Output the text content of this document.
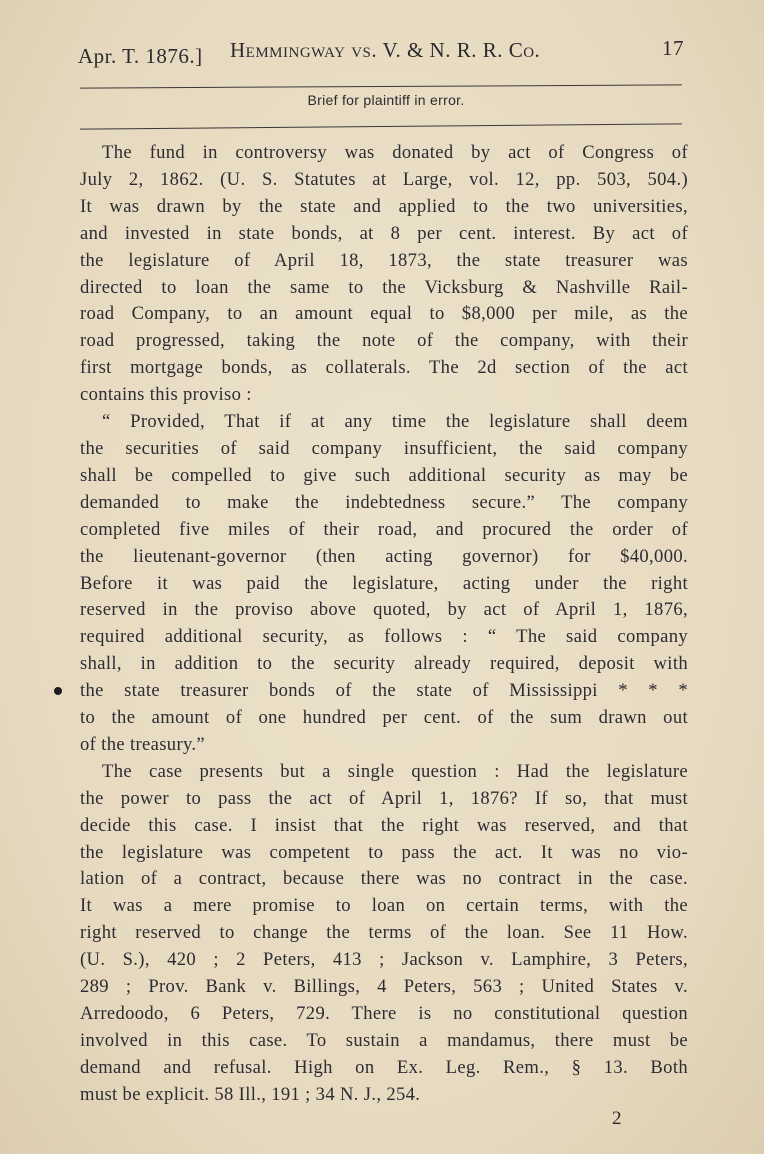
Apr. T. 1876.] Hemmingway vs. V. & N. R. R. Co.	17
Brief for plaintiff in error.
The fund in controversy was donated by act of Congress of
July 2, 1862. (U. S. Statutes at Large, vol. 12, pp. 503, 504.)
It was drawn by the state and applied to the two universities,
and invested in state bonds, at 8 per cent. interest. By act of
the legislature of April 18, 1873, the state treasurer was
directed to loan the same to the Vicksburg & Nashville Rail-
road Company, to an amount equal to $8,000 per mile, as the
road progressed, taking the note of the company, with their
first mortgage bonds, as collaterals. The 2d section of the act
contains this proviso :
“ Provided, That if at any time the legislature shall deem
the securities of said company insufficient, the said company
shall be compelled to give such additional security as may be
demanded to make the indebtedness secure.” The company
completed five miles of their road, and procured the order of
the lieutenant-governor (then acting governor) for $40,000.
Before it was paid the legislature, acting under the right
reserved in the proviso above quoted, by act of April 1, 1876,
required additional security, as follows : “ The said company
shall, in addition to the security already required, deposit with
the state treasurer bonds of the state of Mississippi * * *
to the amount of one hundred per cent. of the sum drawn out
of the treasury.”
The case presents but a single question : Had the legislature
the power to pass the act of April 1, 1876? If so, that must
decide this case. I insist that the right was reserved, and that
the legislature was competent to pass the act. It was no vio-
lation of a contract, because there was no contract in the case.
It was a mere promise to loan on certain terms, with the
right reserved to change the terms of the loan. See 11 How.
(U. S.), 420 ; 2 Peters, 413 ; Jackson v. Lamphire, 3 Peters,
289 ; Prov. Bank v. Billings, 4 Peters, 563 ; United States v.
Arredoodo, 6 Peters, 729. There is no constitutional question
involved in this case. To sustain a mandamus, there must be
demand and refusal. High on Ex. Leg. Rem., § 13. Both
must be explicit. 58 Ill., 191 ; 34 N. J., 254.
2
